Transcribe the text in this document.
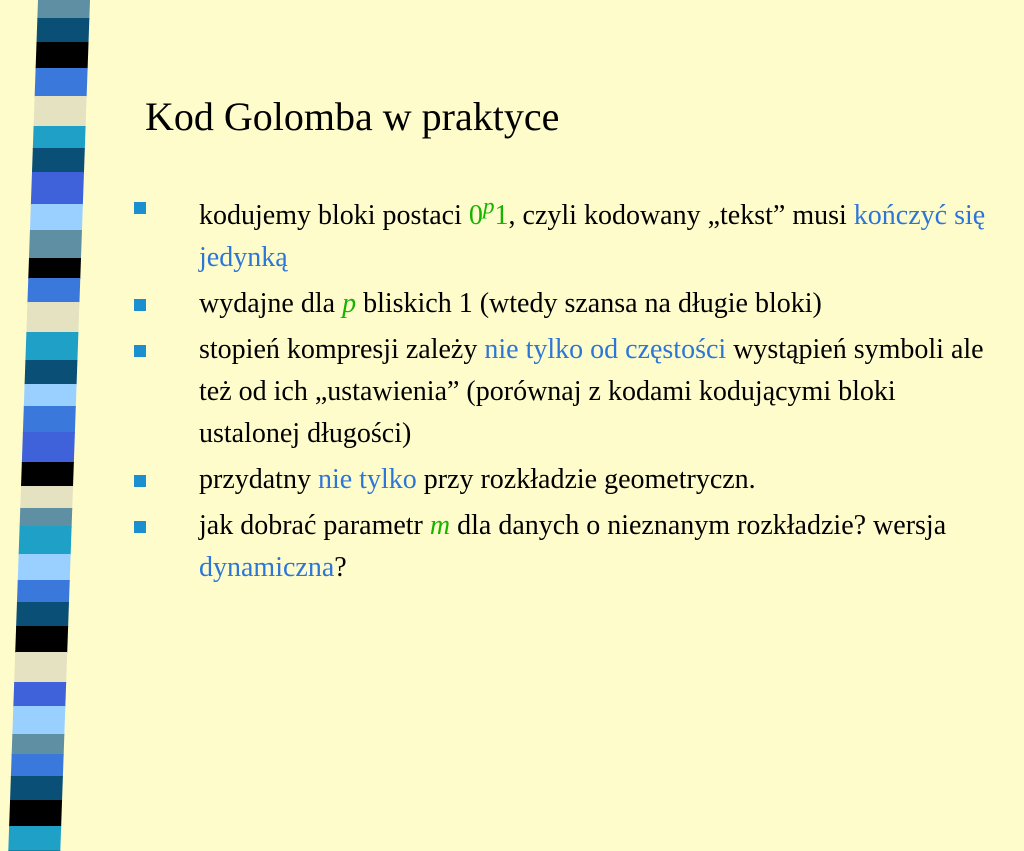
Kod Golomba w praktyce
kodujemy bloki postaci 0$^p$1, czyli kodowany „tekst” musi kończyć się jedynką
wydajne dla p bliskich 1 (wtedy szansa na długie bloki)
stopień kompresji zależy nie tylko od częstości wystąpień symboli ale też od ich „ustawienia” (porównaj z kodami kodującymi bloki ustalonej długości)
przydatny nie tylko przy rozkładzie geometryczn.
jak dobrać parametr m dla danych o nieznanym rozkładzie? wersja dynamiczna?
